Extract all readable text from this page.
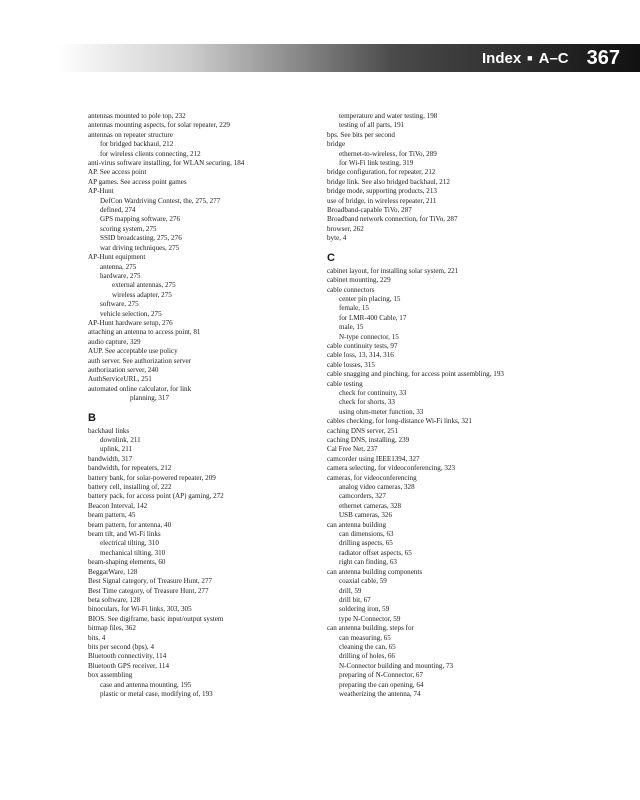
Index ■ A–C 367
antennas mounted to pole top, 232
antennas mounting aspects, for solar repeater, 229
antennas on repeater structure
for bridged backhaul, 212
for wireless clients connecting, 212
anti-virus software installing, for WLAN securing, 184
AP. See access point
AP games. See access point games
AP-Hunt
DefCon Wardriving Contest, the, 275, 277
defined, 274
GPS mapping software, 276
scoring system, 275
SSID broadcasting, 275, 276
war driving techniques, 275
AP-Hunt equipment
antenna, 275
hardware, 275
external antennas, 275
wireless adapter, 275
software, 275
vehicle selection, 275
AP-Hunt hardware setup, 276
attaching an antenna to access point, 81
audio capture, 329
AUP. See acceptable use policy
auth server. See authorization server
authorization server, 240
AuthServiceURL, 251
automated online calculator, for link
planning, 317
B
backhaul links
downlink, 211
uplink, 211
bandwidth, 317
bandwidth, for repeaters, 212
battery bank, for solar-powered repeater, 209
battery cell, installing of, 222
battery pack, for access point (AP) gaming, 272
Beacon Interval, 142
beam pattern, 45
beam pattern, for antenna, 40
beam tilt, and Wi-Fi links
electrical tilting, 310
mechanical tilting, 310
beam-shaping elements, 60
BeggarWare, 128
Best Signal category, of Treasure Hunt, 277
Best Time category, of Treasure Hunt, 277
beta software, 128
binoculars, for Wi-Fi links, 303, 305
BIOS. See digiframe, basic input/output system
bitmap files, 362
bits, 4
bits per second (bps), 4
Bluetooth connectivity, 114
Bluetooth GPS receiver, 114
box assembling
case and antenna mounting, 195
plastic or metal case, modifying of, 193
temperature and water testing, 198
testing of all parts, 191
bps. See bits per second
bridge
ethernet-to-wireless, for TiVo, 289
for Wi-Fi link testing, 319
bridge configuration, for repeater, 212
bridge link. See also bridged backhaul, 212
bridge mode, supporting products, 213
use of bridge, in wireless repeater, 211
Broadband-capable TiVo, 287
Broadband network connection, for TiVo, 287
browser, 262
byte, 4
C
cabinet layout, for installing solar system, 221
cabinet mounting, 229
cable connectors
center pin placing, 15
female, 15
for LMR-400 Cable, 17
male, 15
N-type connector, 15
cable continuity tests, 97
cable loss, 13, 314, 316
cable losses, 315
cable snagging and pinching, for access point assembling, 193
cable testing
check for continuity, 33
check for shorts, 33
using ohm-meter function, 33
cables checking, for long-distance Wi-Fi links, 321
caching DNS server, 251
caching DNS, installing, 239
Cal Free Net, 237
camcorder using IEEE1394, 327
camera selecting, for videoconferencing, 323
cameras, for videoconferencing
analog video cameras, 328
camcorders, 327
ethernet cameras, 328
USB cameras, 326
can antenna building
can dimensions, 63
drilling aspects, 65
radiator offset aspects, 65
right can finding, 63
can antenna building components
coaxial cable, 59
drill, 59
drill bit, 67
soldering iron, 59
type N-Connector, 59
can antenna building, steps for
can measuring, 65
cleaning the can, 65
drilling of holes, 66
N-Connector building and mounting, 73
preparing of N-Connector, 67
preparing the can opening, 64
weatherizing the antenna, 74
